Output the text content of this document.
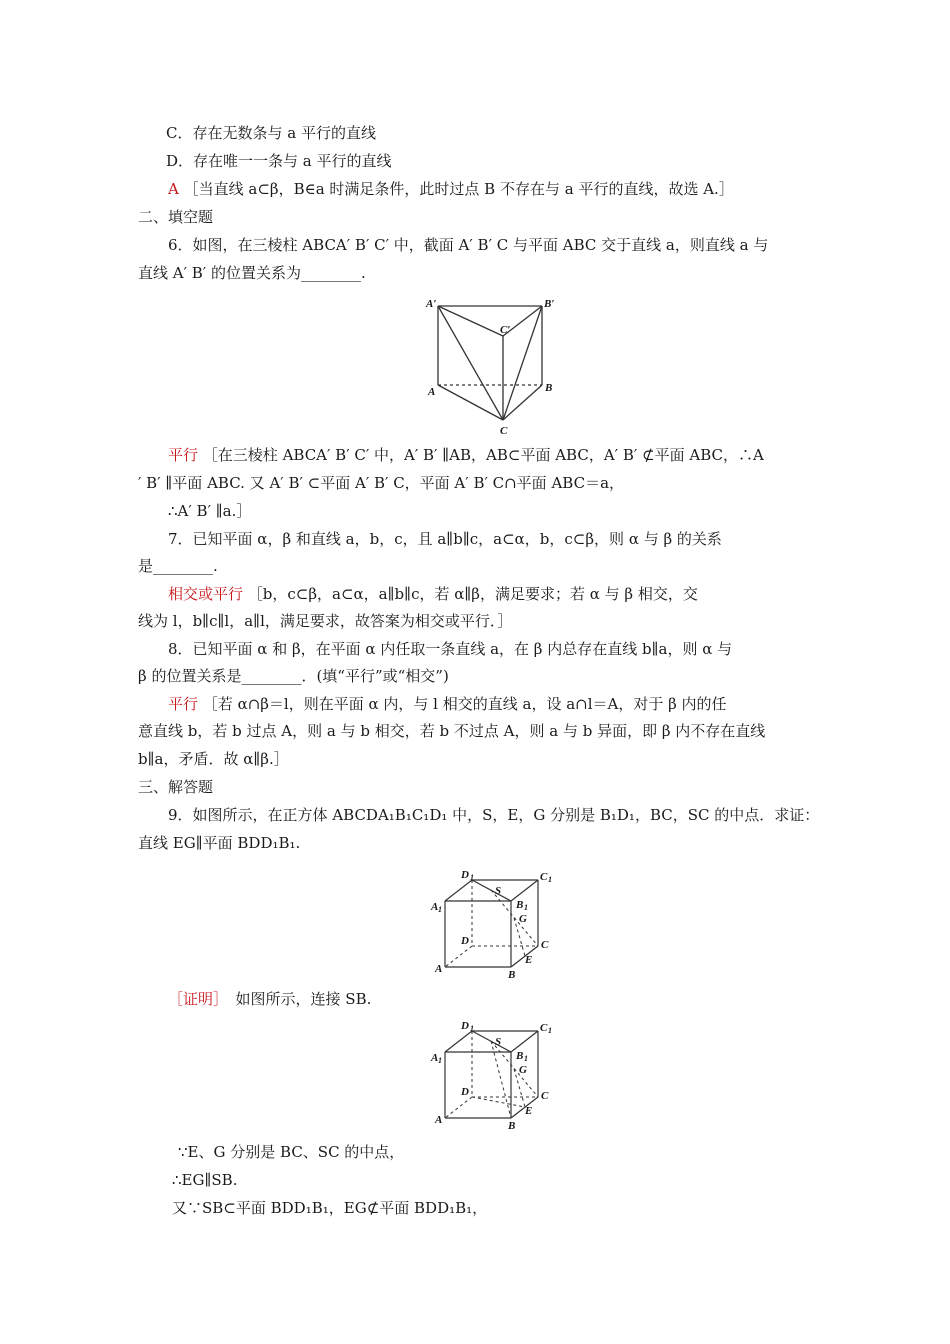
C．存在无数条与 a 平行的直线
D．存在唯一一条与 a 平行的直线
A ［当直线 a⊂β，B∈a 时满足条件，此时过点 B 不存在与 a 平行的直线，故选 A.］
二、填空题
6．如图，在三棱柱 ABCA′ B′ C′ 中，截面 A′ B′ C 与平面 ABC 交于直线 a，则直线 a 与
直线 A′ B′ 的位置关系为________.
A′	B′
C′
A	B
C
平行 ［在三棱柱 ABCA′ B′ C′ 中，A′ B′ ∥AB，AB⊂平面 ABC，A′ B′ ⊄平面 ABC，∴A
′ B′ ∥平面 ABC. 又 A′ B′ ⊂平面 A′ B′ C，平面 A′ B′ C∩平面 ABC＝a，
∴A′ B′ ∥a.］
7．已知平面 α，β 和直线 a，b，c，且 a∥b∥c，a⊂α，b，c⊂β，则 α 与 β 的关系
是________.
相交或平行 ［b，c⊂β，a⊂α，a∥b∥c，若 α∥β，满足要求；若 α 与 β 相交，交
线为 l，b∥c∥l，a∥l，满足要求，故答案为相交或平行．］
8．已知平面 α 和 β，在平面 α 内任取一条直线 a，在 β 内总存在直线 b∥a，则 α 与
β 的位置关系是________．(填“平行”或“相交”)
平行 ［若 α∩β＝l，则在平面 α 内，与 l 相交的直线 a，设 a∩l＝A，对于 β 内的任
意直线 b，若 b 过点 A，则 a 与 b 相交，若 b 不过点 A，则 a 与 b 异面，即 β 内不存在直线
b∥a，矛盾．故 α∥β.］
三、解答题
9．如图所示，在正方体 ABCDA₁B₁C₁D₁ 中，S，E，G 分别是 B₁D₁，BC，SC 的中点．求证：
直线 EG∥平面 BDD₁B₁.
D 1	C 1
A 1
S
B 1
G
D	C
E
A	B
［证明］　 如图所示，连接 SB.
D 1	C 1
A 1
S
B 1
G
D	C
E
A	B
∵E、G 分别是 BC、SC 的中点，
∴EG∥SB.
又∵SB⊂平面 BDD₁B₁，EG⊄平面 BDD₁B₁，
